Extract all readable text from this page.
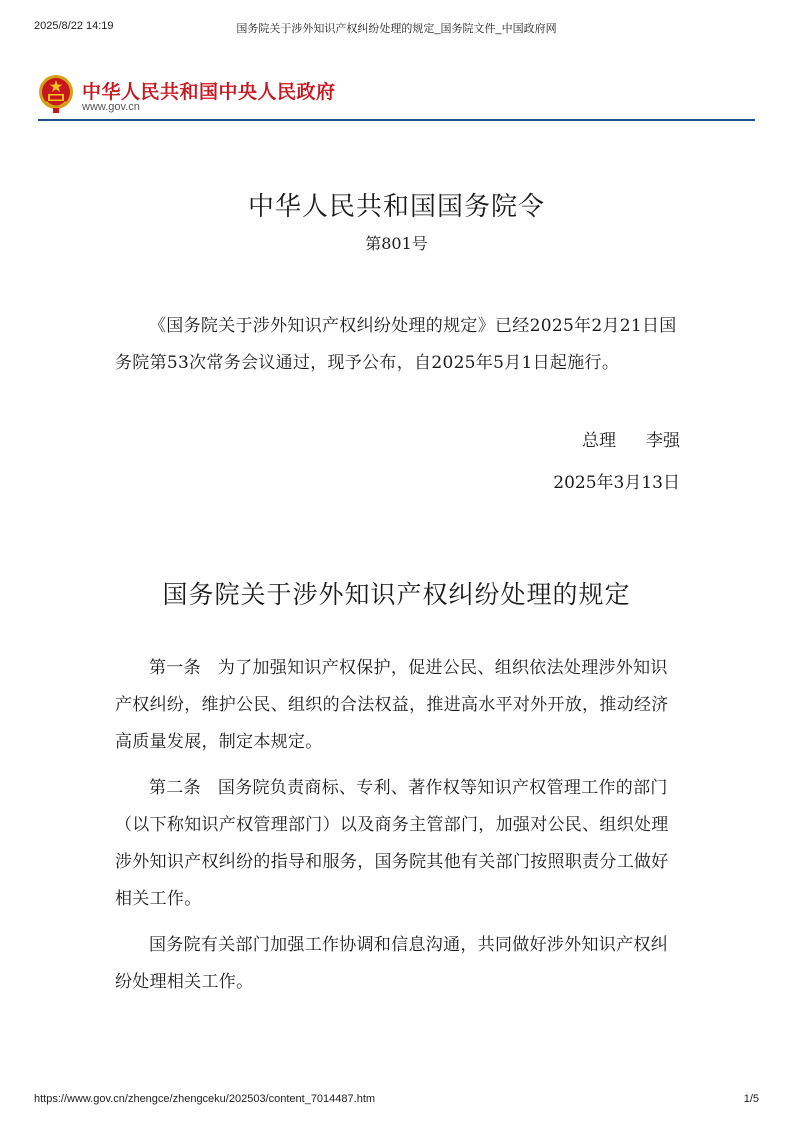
2025/8/22 14:19	国务院关于涉外知识产权纠纷处理的规定_国务院文件_中国政府网
中华人民共和国中央人民政府
www.gov.cn
中华人民共和国国务院令
第801号
《国务院关于涉外知识产权纠纷处理的规定》已经2025年2月21日国务院第53次常务会议通过，现予公布，自2025年5月1日起施行。
总理 李强
2025年3月13日
国务院关于涉外知识产权纠纷处理的规定

第一条 为了加强知识产权保护，促进公民、组织依法处理涉外知识产权纠纷，维护公民、组织的合法权益，推进高水平对外开放，推动经济高质量发展，制定本规定。

第二条 国务院负责商标、专利、著作权等知识产权管理工作的部门（以下称知识产权管理部门）以及商务主管部门，加强对公民、组织处理涉外知识产权纠纷的指导和服务，国务院其他有关部门按照职责分工做好相关工作。

国务院有关部门加强工作协调和信息沟通，共同做好涉外知识产权纠纷处理相关工作。

https://www.gov.cn/zhengce/zhengceku/202503/content_7014487.htm	1/5
